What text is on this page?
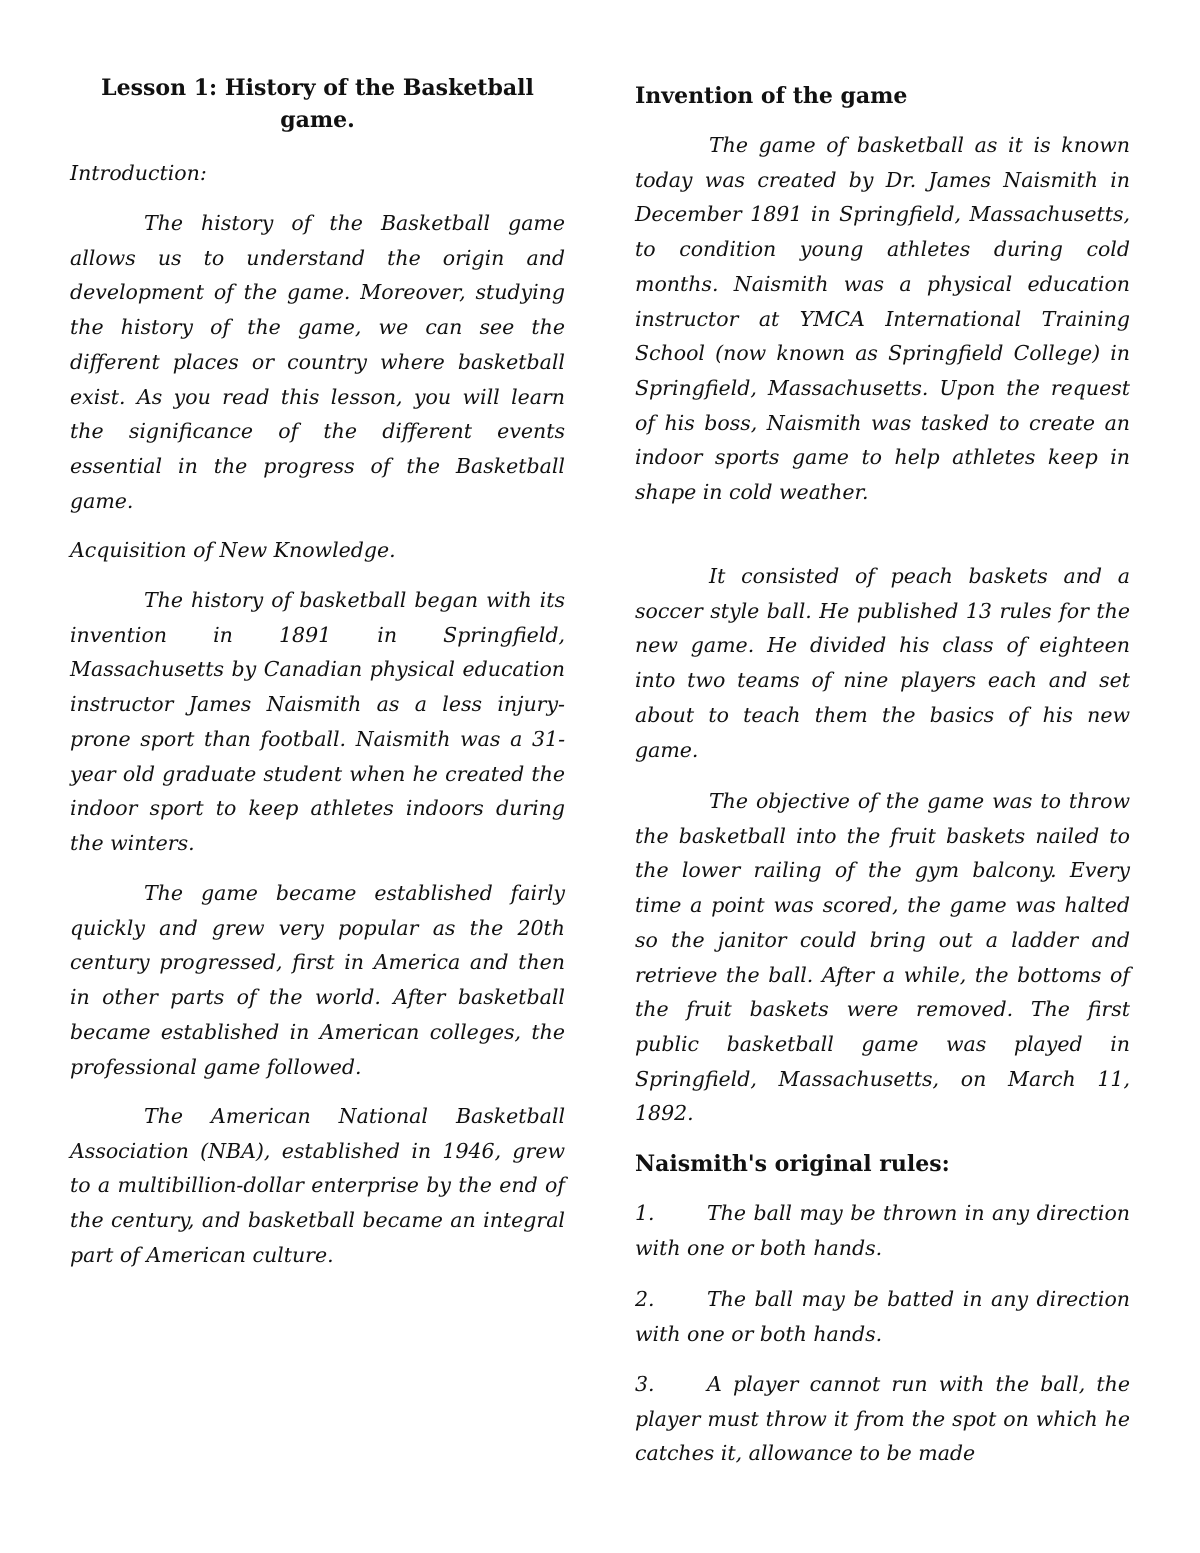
Lesson 1: History of the Basketball game.

Introduction:

The history of the Basketball game allows us to understand the origin and development of the game. Moreover, studying the history of the game, we can see the different places or country where basketball exist. As you read this lesson, you will learn the significance of the different events essential in the progress of the Basketball game.

Acquisition of New Knowledge.

The history of basketball began with its invention in 1891 in Springfield, Massachusetts by Canadian physical education instructor James Naismith as a less injury-prone sport than football. Naismith was a 31-year old graduate student when he created the indoor sport to keep athletes indoors during the winters.

The game became established fairly quickly and grew very popular as the 20th century progressed, first in America and then in other parts of the world. After basketball became established in American colleges, the professional game followed.

The American National Basketball Association (NBA), established in 1946, grew to a multibillion-dollar enterprise by the end of the century, and basketball became an integral part of American culture.

Invention of the game

The game of basketball as it is known today was created by Dr. James Naismith in December 1891 in Springfield, Massachusetts, to condition young athletes during cold months. Naismith was a physical education instructor at YMCA International Training School (now known as Springfield College) in Springfield, Massachusetts. Upon the request of his boss, Naismith was tasked to create an indoor sports game to help athletes keep in shape in cold weather.

It consisted of peach baskets and a soccer style ball. He published 13 rules for the new game. He divided his class of eighteen into two teams of nine players each and set about to teach them the basics of his new game.

The objective of the game was to throw the basketball into the fruit baskets nailed to the lower railing of the gym balcony. Every time a point was scored, the game was halted so the janitor could bring out a ladder and retrieve the ball. After a while, the bottoms of the fruit baskets were removed. The first public basketball game was played in Springfield, Massachusetts, on March 11, 1892.

Naismith's original rules:

1.	The ball may be thrown in any direction with one or both hands.

2.	The ball may be batted in any direction with one or both hands.

3.	A player cannot run with the ball, the player must throw it from the spot on which he catches it, allowance to be made
